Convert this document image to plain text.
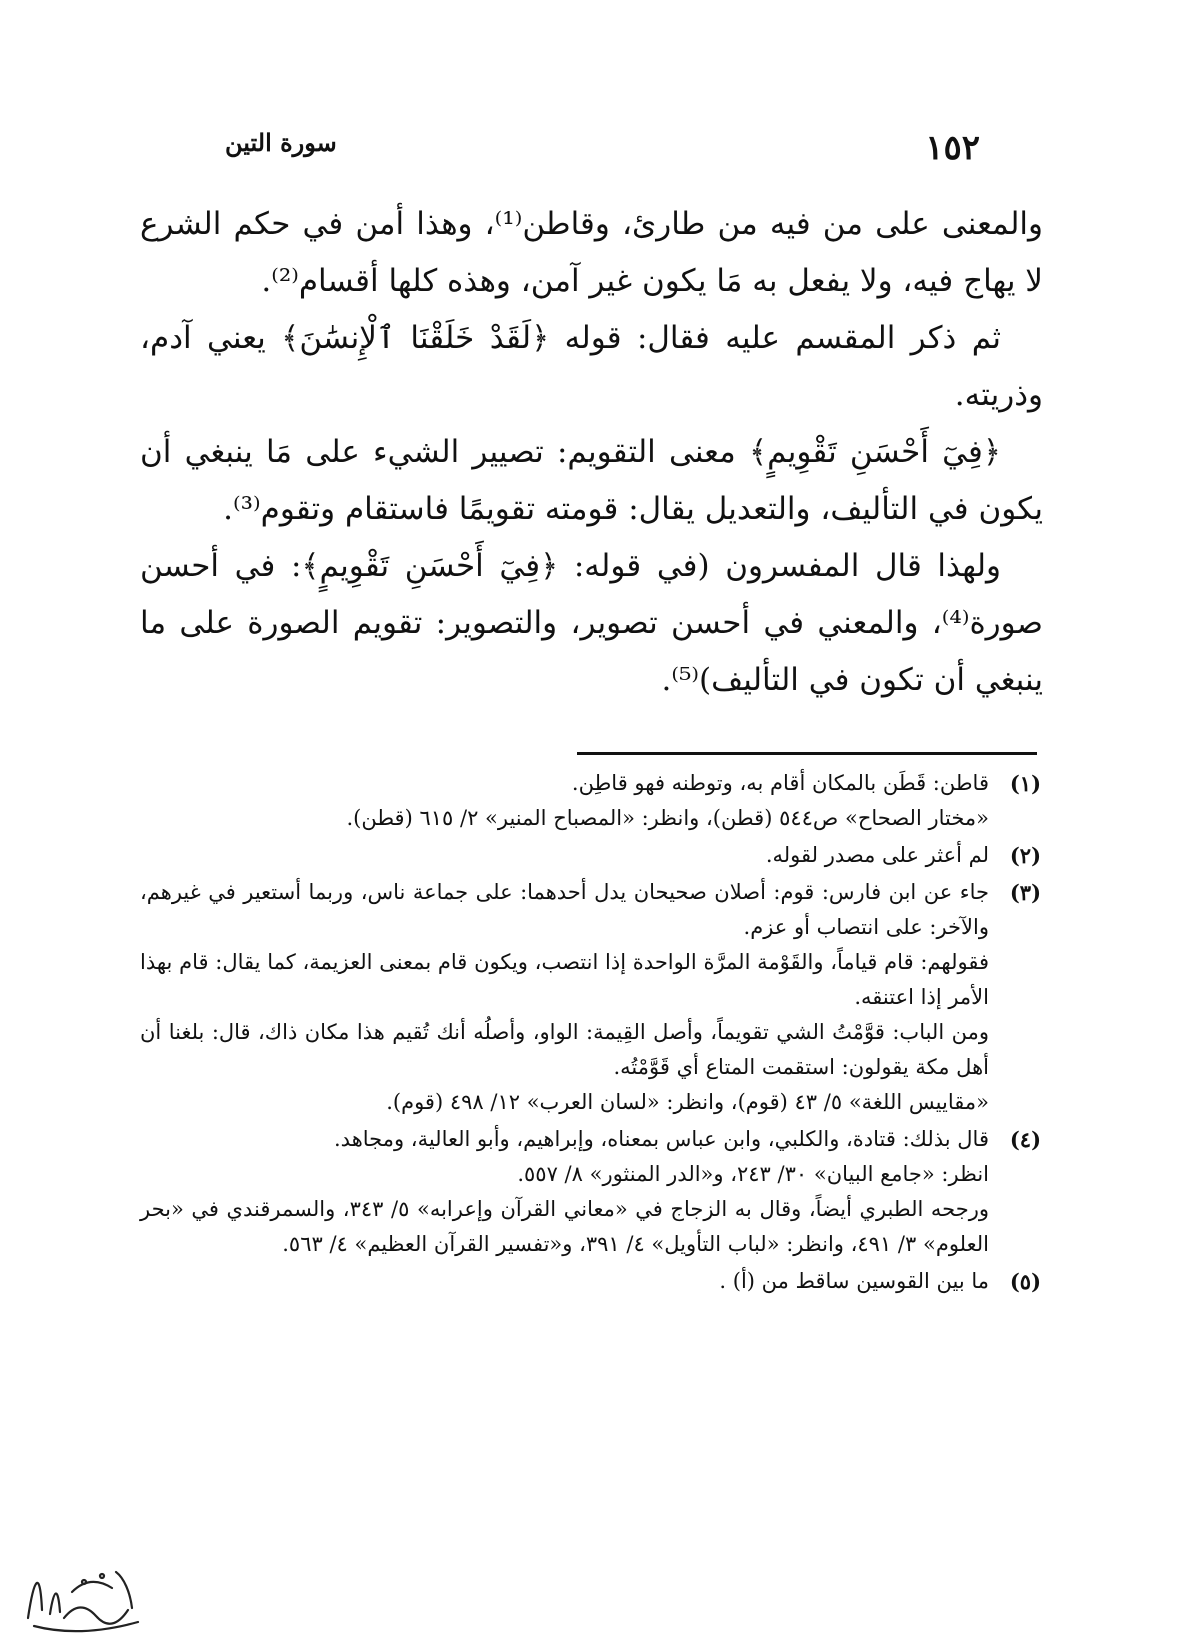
١٥٢
سورة التين

والمعنى على من فيه من طارئ، وقاطن⁽¹⁾، وهذا أمن في حكم الشرع لا يهاج فيه، ولا يفعل به مَا يكون غير آمن، وهذه كلها أقسام⁽²⁾.

ثم ذكر المقسم عليه فقال: قوله ﴿لَقَدْ خَلَقْنَا ٱلْإِنسَٰنَ﴾ يعني آدم، وذريته.

﴿فِيٓ أَحْسَنِ تَقْوِيمٍ﴾ معنى التقويم: تصيير الشيء على مَا ينبغي أن يكون في التأليف، والتعديل يقال: قومته تقويمًا فاستقام وتقوم⁽³⁾.

ولهذا قال المفسرون (في قوله: ﴿فِيٓ أَحْسَنِ تَقْوِيمٍ﴾: في أحسن صورة⁽⁴⁾، والمعني في أحسن تصوير، والتصوير: تقويم الصورة على ما ينبغي أن تكون في التأليف)⁽⁵⁾.

(١)
قاطن: قَطَن بالمكان أقام به، وتوطنه فهو قاطِن.
«مختار الصحاح» ص٥٤٤ (قطن)، وانظر: «المصباح المنير» ٢/ ٦١٥ (قطن).
(٢)
لم أعثر على مصدر لقوله.
(٣)
جاء عن ابن فارس: قوم: أصلان صحيحان يدل أحدهما: على جماعة ناس، وربما أستعير في غيرهم، والآخر: على انتصاب أو عزم.
فقولهم: قام قياماً، والقَوْمة المرَّة الواحدة إذا انتصب، ويكون قام بمعنى العزيمة، كما يقال: قام بهذا الأمر إذا اعتنقه.
ومن الباب: قوَّمْتُ الشي تقويماً، وأصل القِيمة: الواو، وأصلُه أنك تُقيم هذا مكان ذاك، قال: بلغنا أن أهل مكة يقولون: استقمت المتاع أي قَوَّمْتُه.
«مقاييس اللغة» ٥/ ٤٣ (قوم)، وانظر: «لسان العرب» ١٢/ ٤٩٨ (قوم).
(٤)
قال بذلك: قتادة، والكلبي، وابن عباس بمعناه، وإبراهيم، وأبو العالية، ومجاهد.
انظر: «جامع البيان» ٣٠/ ٢٤٣، و«الدر المنثور» ٨/ ٥٥٧.
ورجحه الطبري أيضاً، وقال به الزجاج في «معاني القرآن وإعرابه» ٥/ ٣٤٣، والسمرقندي في «بحر العلوم» ٣/ ٤٩١، وانظر: «لباب التأويل» ٤/ ٣٩١، و«تفسير القرآن العظيم» ٤/ ٥٦٣.
(٥)
ما بين القوسين ساقط من (أ) .
